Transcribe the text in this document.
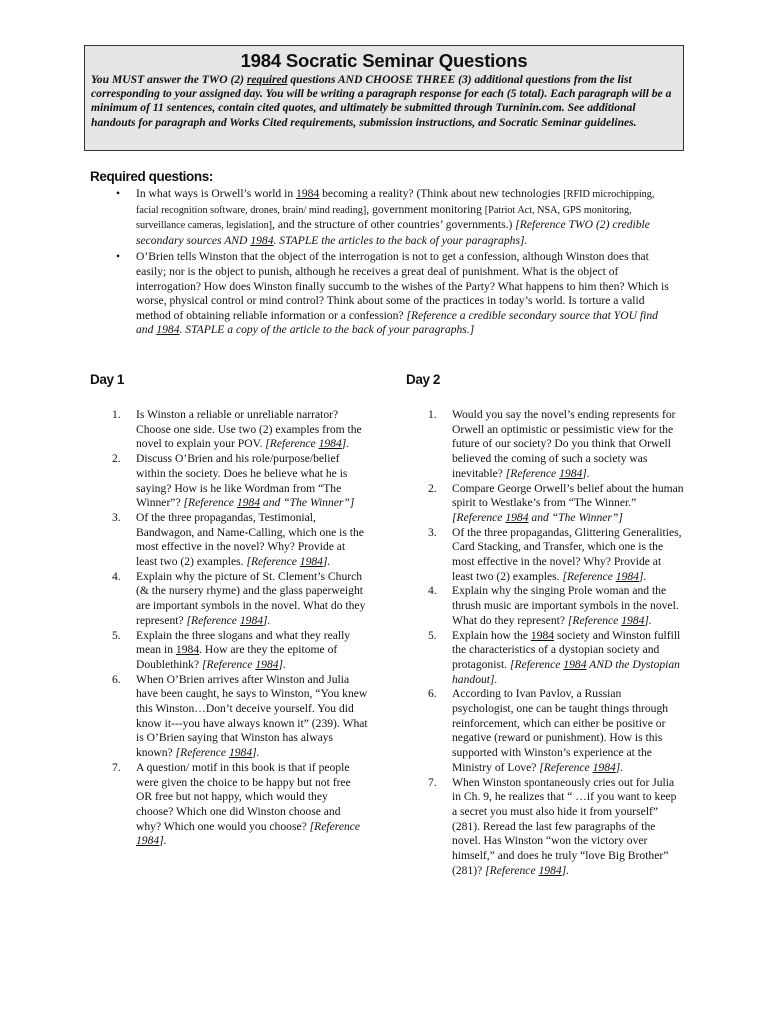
1984 Socratic Seminar Questions
You MUST answer the TWO (2) required questions AND CHOOSE THREE (3) additional questions from the list corresponding to your assigned day. You will be writing a paragraph response for each (5 total). Each paragraph will be a minimum of 11 sentences, contain cited quotes, and ultimately be submitted through Turninin.com. See additional handouts for paragraph and Works Cited requirements, submission instructions, and Socratic Seminar guidelines.
Required questions:
• In what ways is Orwell’s world in 1984 becoming a reality? (Think about new technologies [RFID microchipping, facial recognition software, drones, brain/ mind reading], government monitoring [Patriot Act, NSA, GPS monitoring, surveillance cameras, legislation], and the structure of other countries’ governments.) [Reference TWO (2) credible secondary sources AND 1984. STAPLE the articles to the back of your paragraphs].
• O’Brien tells Winston that the object of the interrogation is not to get a confession, although Winston does that easily; nor is the object to punish, although he receives a great deal of punishment. What is the object of interrogation? How does Winston finally succumb to the wishes of the Party? What happens to him then? Which is worse, physical control or mind control? Think about some of the practices in today’s world. Is torture a valid method of obtaining reliable information or a confession? [Reference a credible secondary source that YOU find and 1984. STAPLE a copy of the article to the back of your paragraphs.]
Day 1	Day 2
1. Is Winston a reliable or unreliable narrator? Choose one side. Use two (2) examples from the novel to explain your POV. [Reference 1984].
2. Discuss O’Brien and his role/purpose/belief within the society. Does he believe what he is saying? How is he like Wordman from “The Winner”? [Reference 1984 and “The Winner”]
3. Of the three propagandas, Testimonial, Bandwagon, and Name-Calling, which one is the most effective in the novel? Why? Provide at least two (2) examples. [Reference 1984].
4. Explain why the picture of St. Clement’s Church (& the nursery rhyme) and the glass paperweight are important symbols in the novel. What do they represent? [Reference 1984].
5. Explain the three slogans and what they really mean in 1984. How are they the epitome of Doublethink? [Reference 1984].
6. When O’Brien arrives after Winston and Julia have been caught, he says to Winston, “You knew this Winston…Don’t deceive yourself. You did know it---you have always known it” (239). What is O’Brien saying that Winston has always known? [Reference 1984].
7. A question/ motif in this book is that if people were given the choice to be happy but not free OR free but not happy, which would they choose? Which one did Winston choose and why? Which one would you choose? [Reference 1984].
1. Would you say the novel’s ending represents for Orwell an optimistic or pessimistic view for the future of our society? Do you think that Orwell believed the coming of such a society was inevitable? [Reference 1984].
2. Compare George Orwell’s belief about the human spirit to Westlake’s from “The Winner.” [Reference 1984 and “The Winner”]
3. Of the three propagandas, Glittering Generalities, Card Stacking, and Transfer, which one is the most effective in the novel? Why? Provide at least two (2) examples. [Reference 1984].
4. Explain why the singing Prole woman and the thrush music are important symbols in the novel. What do they represent? [Reference 1984].
5. Explain how the 1984 society and Winston fulfill the characteristics of a dystopian society and protagonist. [Reference 1984 AND the Dystopian handout].
6. According to Ivan Pavlov, a Russian psychologist, one can be taught things through reinforcement, which can either be positive or negative (reward or punishment). How is this supported with Winston’s experience at the Ministry of Love? [Reference 1984].
7. When Winston spontaneously cries out for Julia in Ch. 9, he realizes that “ …if you want to keep a secret you must also hide it from yourself” (281). Reread the last few paragraphs of the novel. Has Winston “won the victory over himself,” and does he truly “love Big Brother” (281)? [Reference 1984].
